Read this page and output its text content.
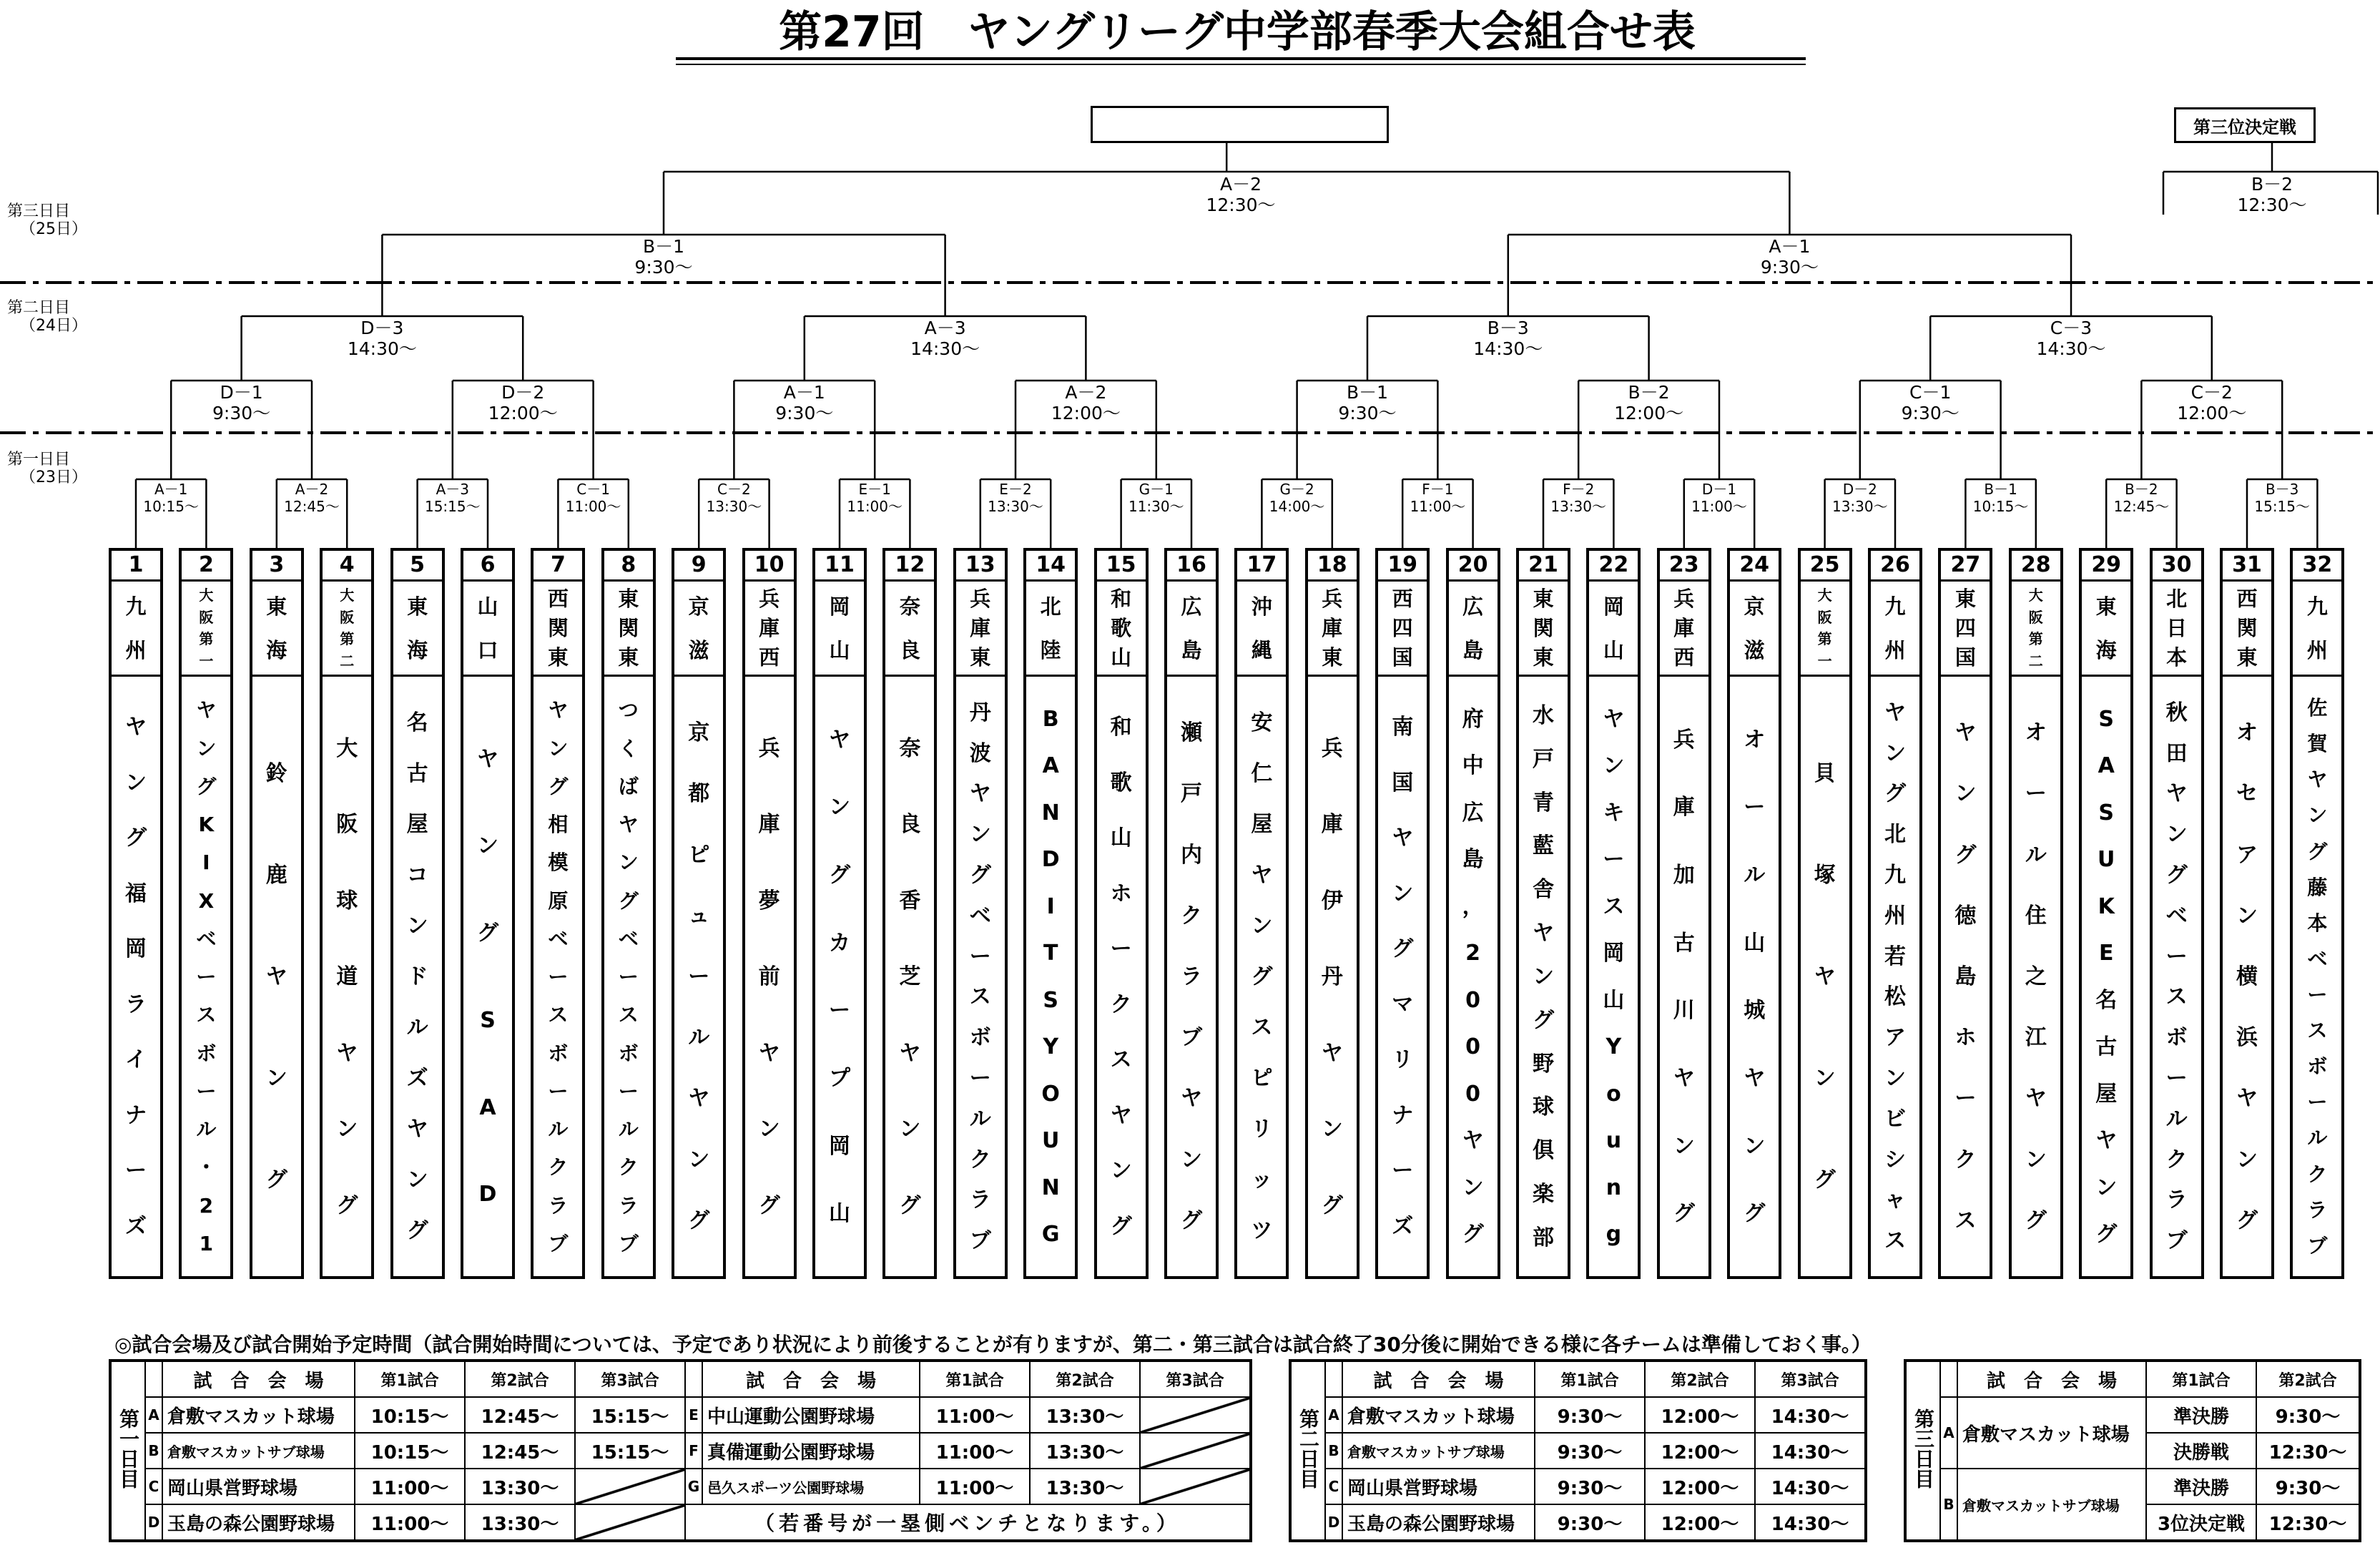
第27回　ヤングリーグ中学部春季大会組合せ表
第三位決定戦
第三日目
（25日）
第二日目
（24日）
第一日目
（23日）
A－2
12:30～
B－2
12:30～
B－1
9:30～
A－1
9:30～
D－3
14:30～
A－3
14:30～
B－3
14:30～
C－3
14:30～
D－1
9:30～
D－2
12:00～
A－1
9:30～
A－2
12:00～
B－1
9:30～
B－2
12:00～
C－1
9:30～
C－2
12:00～
A－1
10:15～
A－2
12:45～
A－3
15:15～
C－1
11:00～
C－2
13:30～
E－1
11:00～
E－2
13:30～
G－1
11:30～
G－2
14:00～
F－1
11:00～
F－2
13:30～
D－1
11:00～
D－2
13:30～
B－1
10:15～
B－2
12:45～
B－3
15:15～
1
九
州
ヤ
ン
グ
福
岡
ラ
イ
ナ
ー
ズ
2
大
阪
第
一
ヤ
ン
グ
K
I
X
ベ
ー
ス
ボ
ー
ル
・
2
1
3
東
海
鈴
鹿
ヤ
ン
グ
4
大
阪
第
二
大
阪
球
道
ヤ
ン
グ
5
東
海
名
古
屋
コ
ン
ド
ル
ズ
ヤ
ン
グ
6
山
口
ヤ
ン
グ
S
A
D
7
西
関
東
ヤ
ン
グ
相
模
原
ベ
ー
ス
ボ
ー
ル
ク
ラ
ブ
8
東
関
東
つ
く
ば
ヤ
ン
グ
ベ
ー
ス
ボ
ー
ル
ク
ラ
ブ
9
京
滋
京
都
ピ
ュ
ー
ル
ヤ
ン
グ
10
兵
庫
西
兵
庫
夢
前
ヤ
ン
グ
11
岡
山
ヤ
ン
グ
カ
ー
プ
岡
山
12
奈
良
奈
良
香
芝
ヤ
ン
グ
13
兵
庫
東
丹
波
ヤ
ン
グ
ベ
ー
ス
ボ
ー
ル
ク
ラ
ブ
14
北
陸
B
A
N
D
I
T
S
Y
O
U
N
G
15
和
歌
山
和
歌
山
ホ
ー
ク
ス
ヤ
ン
グ
16
広
島
瀬
戸
内
ク
ラ
ブ
ヤ
ン
グ
17
沖
縄
安
仁
屋
ヤ
ン
グ
ス
ピ
リ
ッ
ツ
18
兵
庫
東
兵
庫
伊
丹
ヤ
ン
グ
19
西
四
国
南
国
ヤ
ン
グ
マ
リ
ナ
ー
ズ
20
広
島
府
中
広
島
，
2
0
0
0
ヤ
ン
グ
21
東
関
東
水
戸
青
藍
舎
ヤ
ン
グ
野
球
倶
楽
部
22
岡
山
ヤ
ン
キ
ー
ス
岡
山
Y
o
u
n
g
23
兵
庫
西
兵
庫
加
古
川
ヤ
ン
グ
24
京
滋
オ
ー
ル
山
城
ヤ
ン
グ
25
大
阪
第
一
貝
塚
ヤ
ン
グ
26
九
州
ヤ
ン
グ
北
九
州
若
松
ア
ン
ビ
シ
ャ
ス
27
東
四
国
ヤ
ン
グ
徳
島
ホ
ー
ク
ス
28
大
阪
第
二
オ
ー
ル
住
之
江
ヤ
ン
グ
29
東
海
S
A
S
U
K
E
名
古
屋
ヤ
ン
グ
30
北
日
本
秋
田
ヤ
ン
グ
ベ
ー
ス
ボ
ー
ル
ク
ラ
ブ
31
西
関
東
オ
セ
ア
ン
横
浜
ヤ
ン
グ
32
九
州
佐
賀
ヤ
ン
グ
藤
本
ベ
ー
ス
ボ
ー
ル
ク
ラ
ブ
◎試合会場及び試合開始予定時間（試合開始時間については、予定であり状況により前後することが有りますが、第二・第三試合は試合終了30分後に開始できる様に各チームは準備しておく事。）
第一日目		試　合　会　場	第1試合	第2試合	第3試合		試　合　会　場	第1試合	第2試合	第3試合
	A	倉敷マスカット球場	10:15～	12:45～	15:15～	E	中山運動公園野球場	11:00～	13:30～	
	B	倉敷マスカットサブ球場	10:15～	12:45～	15:15～	F	真備運動公園野球場	11:00～	13:30～	
	C	岡山県営野球場	11:00～	13:30～		G	邑久スポーツ公園野球場	11:00～	13:30～	
	D	玉島の森公園野球場	11:00～	13:30～		（若番号が一塁側ベンチとなります。）				
第二日目		試　合　会　場	第1試合	第2試合	第3試合
	A	倉敷マスカット球場	9:30～	12:00～	14:30～
	B	倉敷マスカットサブ球場	9:30～	12:00～	14:30～
	C	岡山県営野球場	9:30～	12:00～	14:30～
	D	玉島の森公園野球場	9:30～	12:00～	14:30～
第三日目		試　合　会　場	第1試合	第2試合
	A	倉敷マスカット球場	準決勝	9:30～
			決勝戦	12:30～
	B	倉敷マスカットサブ球場	準決勝	9:30～
			3位決定戦	12:30～
